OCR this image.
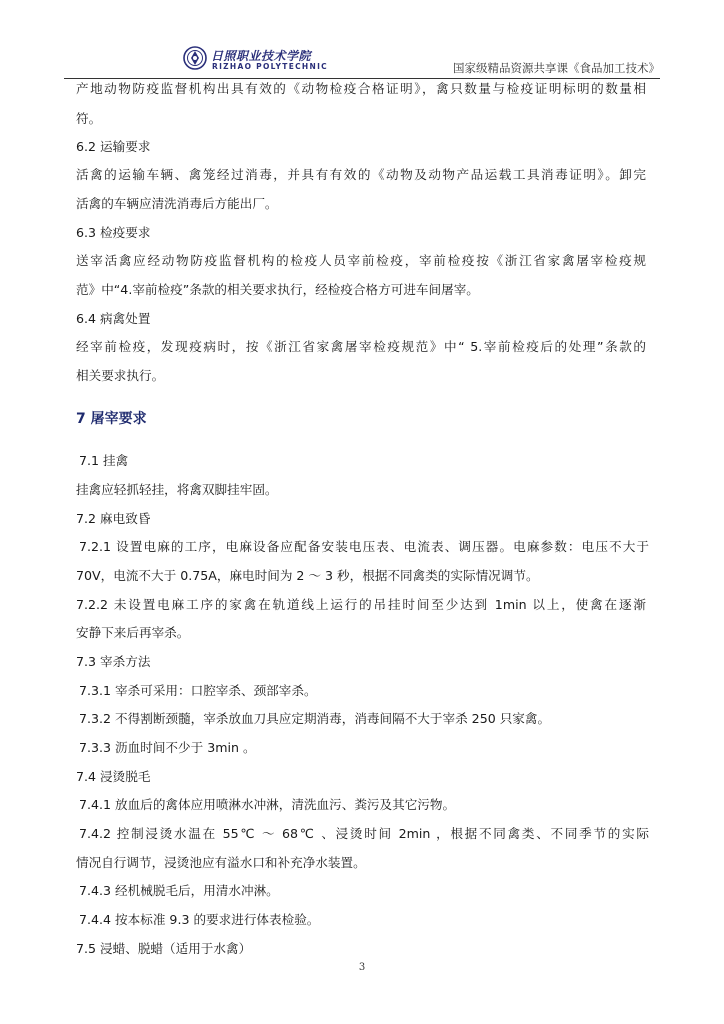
日照职业技术学院
RIZHAO POLYTECHNIC	国家级精品资源共享课《食品加工技术》
产地动物防疫监督机构出具有效的《动物检疫合格证明》，禽只数量与检疫证明标明的数量相
符。
6.2 运输要求
活禽的运输车辆、禽笼经过消毒，并具有有效的《动物及动物产品运载工具消毒证明》。卸完
活禽的车辆应清洗消毒后方能出厂。
6.3 检疫要求
送宰活禽应经动物防疫监督机构的检疫人员宰前检疫，宰前检疫按《浙江省家禽屠宰检疫规
范》中“4.宰前检疫”条款的相关要求执行，经检疫合格方可进车间屠宰。
6.4 病禽处置
经宰前检疫，发现疫病时，按《浙江省家禽屠宰检疫规范》中“ 5.宰前检疫后的处理”条款的
相关要求执行。
7 屠宰要求
7.1 挂禽
挂禽应轻抓轻挂，将禽双脚挂牢固。
7.2 麻电致昏
7.2.1 设置电麻的工序，电麻设备应配备安装电压表、电流表、调压器。电麻参数：电压不大于
70V，电流不大于 0.75A，麻电时间为 2 ～ 3 秒，根据不同禽类的实际情况调节。
7.2.2 未设置电麻工序的家禽在轨道线上运行的吊挂时间至少达到 1min 以上，使禽在逐渐
安静下来后再宰杀。
7.3 宰杀方法
7.3.1 宰杀可采用：口腔宰杀、颈部宰杀。
7.3.2 不得割断颈髓，宰杀放血刀具应定期消毒，消毒间隔不大于宰杀 250 只家禽。
7.3.3 沥血时间不少于 3min 。
7.4 浸烫脱毛
7.4.1 放血后的禽体应用喷淋水冲淋，清洗血污、粪污及其它污物。
7.4.2 控制浸烫水温在 55℃ ～ 68℃ 、浸烫时间 2min ，根据不同禽类、不同季节的实际
情况自行调节，浸烫池应有溢水口和补充净水装置。
7.4.3 经机械脱毛后，用清水冲淋。
7.4.4 按本标准 9.3 的要求进行体表检验。
7.5 浸蜡、脱蜡（适用于水禽）
3
